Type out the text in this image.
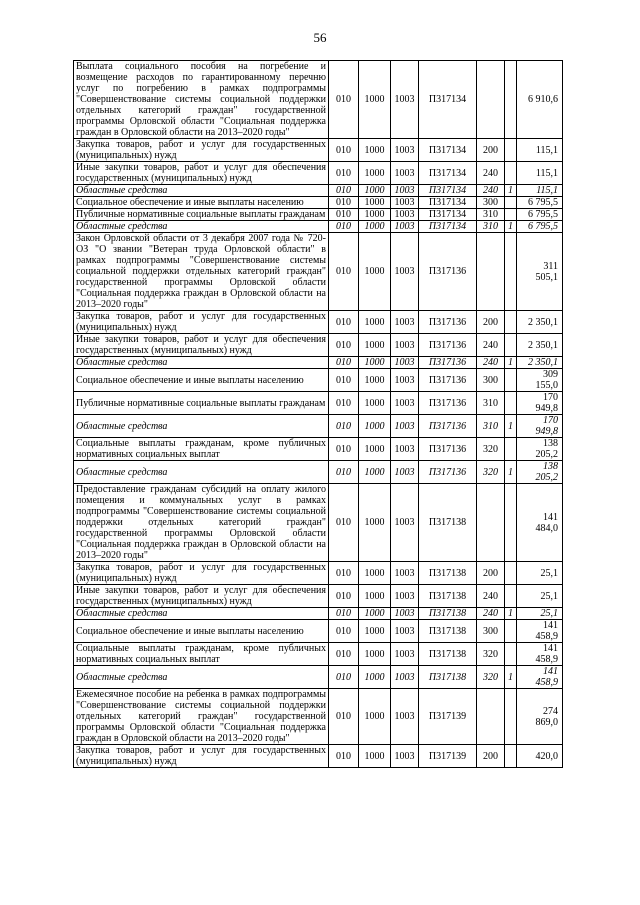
56
Выплата социального пособия на погребение и возмещение расходов по гарантированному перечню услуг по погребению в рамках подпрограммы "Совершенствование системы социальной поддержки отдельных категорий граждан" государственной программы Орловской области "Социальная поддержка граждан в Орловской области на 2013–2020 годы"	010	1000	1003	П317134			6 910,6
Закупка товаров, работ и услуг для государственных (муниципальных) нужд	010	1000	1003	П317134	200		115,1
Иные закупки товаров, работ и услуг для обеспечения государственных (муниципальных) нужд	010	1000	1003	П317134	240		115,1
Областные средства	010	1000	1003	П317134	240	1	115,1
Социальное обеспечение и иные выплаты населению	010	1000	1003	П317134	300		6 795,5
Публичные нормативные социальные выплаты гражданам	010	1000	1003	П317134	310		6 795,5
Областные средства	010	1000	1003	П317134	310	1	6 795,5
Закон Орловской области от 3 декабря 2007 года № 720-ОЗ "О звании "Ветеран труда Орловской области" в рамках подпрограммы "Совершенствование системы социальной поддержки отдельных категорий граждан" государственной программы Орловской области "Социальная поддержка граждан в Орловской области на 2013–2020 годы"	010	1000	1003	П317136			311 505,1
Закупка товаров, работ и услуг для государственных (муниципальных) нужд	010	1000	1003	П317136	200		2 350,1
Иные закупки товаров, работ и услуг для обеспечения государственных (муниципальных) нужд	010	1000	1003	П317136	240		2 350,1
Областные средства	010	1000	1003	П317136	240	1	2 350,1
Социальное обеспечение и иные выплаты населению	010	1000	1003	П317136	300		309 155,0
Публичные нормативные социальные выплаты гражданам	010	1000	1003	П317136	310		170 949,8
Областные средства	010	1000	1003	П317136	310	1	170 949,8
Социальные выплаты гражданам, кроме публичных нормативных социальных выплат	010	1000	1003	П317136	320		138 205,2
Областные средства	010	1000	1003	П317136	320	1	138 205,2
Предоставление гражданам субсидий на оплату жилого помещения и коммунальных услуг в рамках подпрограммы "Совершенствование системы социальной поддержки отдельных категорий граждан" государственной программы Орловской области "Социальная поддержка граждан в Орловской области на 2013–2020 годы"	010	1000	1003	П317138			141 484,0
Закупка товаров, работ и услуг для государственных (муниципальных) нужд	010	1000	1003	П317138	200		25,1
Иные закупки товаров, работ и услуг для обеспечения государственных (муниципальных) нужд	010	1000	1003	П317138	240		25,1
Областные средства	010	1000	1003	П317138	240	1	25,1
Социальное обеспечение и иные выплаты населению	010	1000	1003	П317138	300		141 458,9
Социальные выплаты гражданам, кроме публичных нормативных социальных выплат	010	1000	1003	П317138	320		141 458,9
Областные средства	010	1000	1003	П317138	320	1	141 458,9
Ежемесячное пособие на ребенка в рамках подпрограммы "Совершенствование системы социальной поддержки отдельных категорий граждан" государственной программы Орловской области "Социальная поддержка граждан в Орловской области на 2013–2020 годы"	010	1000	1003	П317139			274 869,0
Закупка товаров, работ и услуг для государственных (муниципальных) нужд	010	1000	1003	П317139	200		420,0
